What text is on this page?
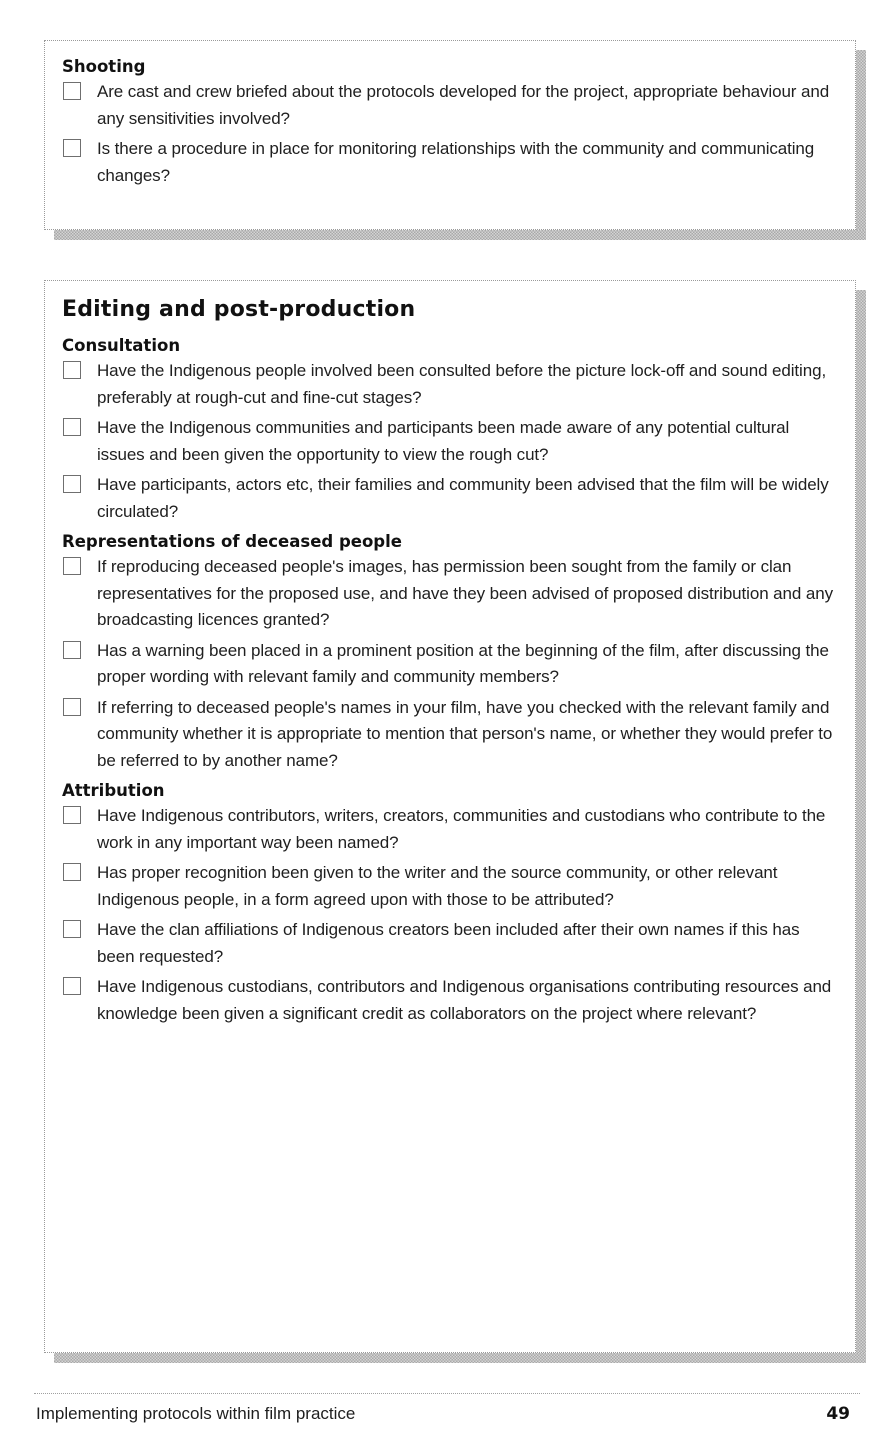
Shooting
Are cast and crew briefed about the protocols developed for the project, appropriate behaviour and any sensitivities involved?
Is there a procedure in place for monitoring relationships with the community and communicating changes?
Editing and post-production
Consultation
Have the Indigenous people involved been consulted before the picture lock-off and sound editing, preferably at rough-cut and fine-cut stages?
Have the Indigenous communities and participants been made aware of any potential cultural issues and been given the opportunity to view the rough cut?
Have participants, actors etc, their families and community been advised that the film will be widely circulated?
Representations of deceased people
If reproducing deceased people's images, has permission been sought from the family or clan representatives for the proposed use, and have they been advised of proposed distribution and any broadcasting licences granted?
Has a warning been placed in a prominent position at the beginning of the film, after discussing the proper wording with relevant family and community members?
If referring to deceased people's names in your film, have you checked with the relevant family and community whether it is appropriate to mention that person's name, or whether they would prefer to be referred to by another name?
Attribution
Have Indigenous contributors, writers, creators, communities and custodians who contribute to the work in any important way been named?
Has proper recognition been given to the writer and the source community, or other relevant Indigenous people, in a form agreed upon with those to be attributed?
Have the clan affiliations of Indigenous creators been included after their own names if this has been requested?
Have Indigenous custodians, contributors and Indigenous organisations contributing resources and knowledge been given a significant credit as collaborators on the project where relevant?
Implementing protocols within film practice	49
